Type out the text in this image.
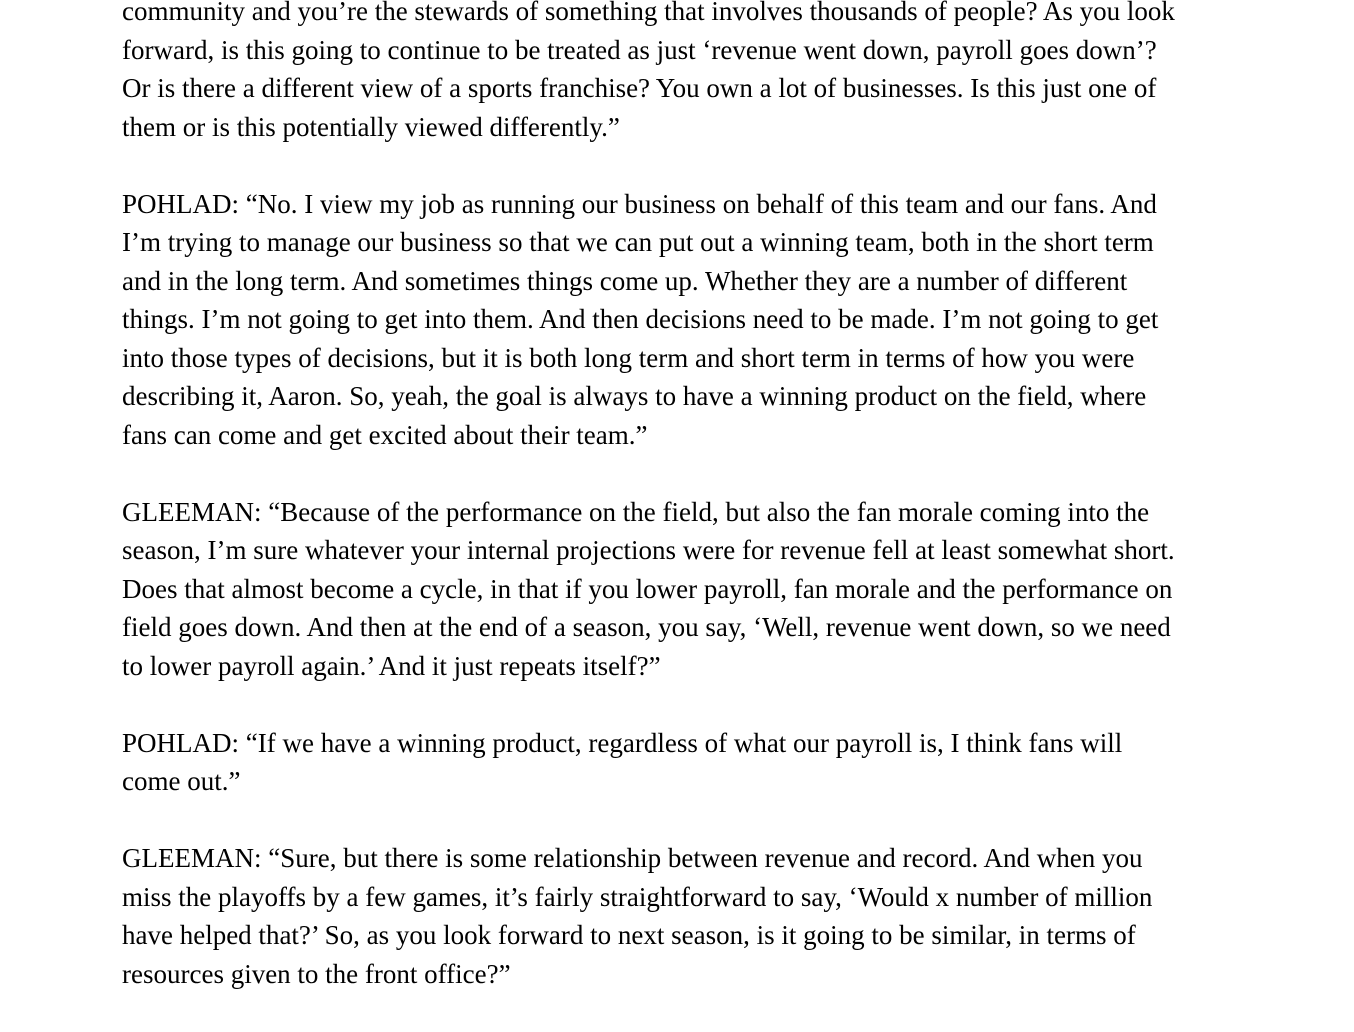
community and you’re the stewards of something that involves thousands of people? As you look
forward, is this going to continue to be treated as just ‘revenue went down, payroll goes down’?
Or is there a different view of a sports franchise? You own a lot of businesses. Is this just one of
them or is this potentially viewed differently.”

POHLAD: “No. I view my job as running our business on behalf of this team and our fans. And
I’m trying to manage our business so that we can put out a winning team, both in the short term
and in the long term. And sometimes things come up. Whether they are a number of different
things. I’m not going to get into them. And then decisions need to be made. I’m not going to get
into those types of decisions, but it is both long term and short term in terms of how you were
describing it, Aaron. So, yeah, the goal is always to have a winning product on the field, where
fans can come and get excited about their team.”

GLEEMAN: “Because of the performance on the field, but also the fan morale coming into the
season, I’m sure whatever your internal projections were for revenue fell at least somewhat short.
Does that almost become a cycle, in that if you lower payroll, fan morale and the performance on
field goes down. And then at the end of a season, you say, ‘Well, revenue went down, so we need
to lower payroll again.’ And it just repeats itself?”

POHLAD: “If we have a winning product, regardless of what our payroll is, I think fans will
come out.”

GLEEMAN: “Sure, but there is some relationship between revenue and record. And when you
miss the playoffs by a few games, it’s fairly straightforward to say, ‘Would x number of million
have helped that?’ So, as you look forward to next season, is it going to be similar, in terms of
resources given to the front office?”
